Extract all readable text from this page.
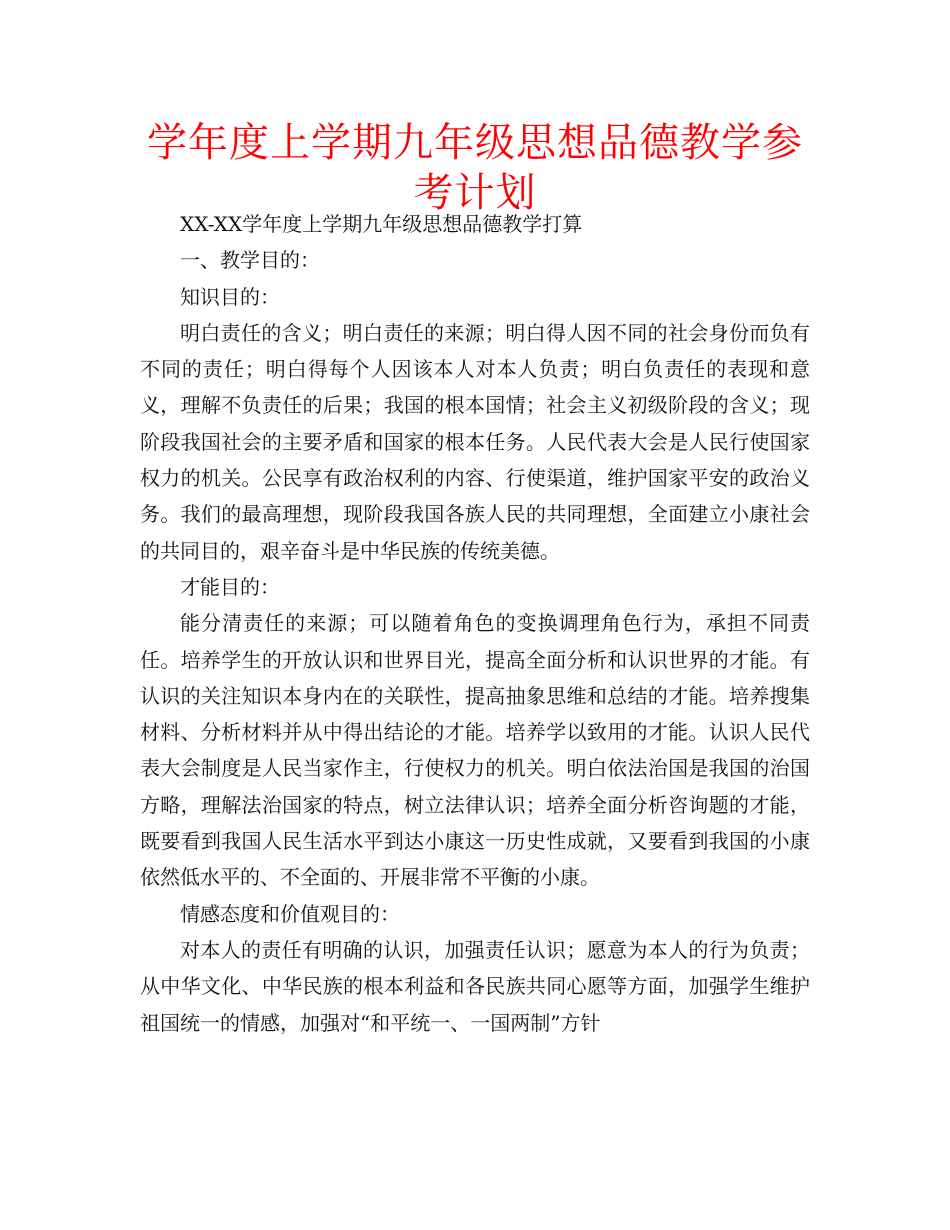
学年度上学期九年级思想品德教学参考计划

XX-XX学年度上学期九年级思想品德教学打算

一、教学目的：

知识目的：

明白责任的含义；明白责任的来源；明白得人因不同的社会身份而负有不同的责任；明白得每个人因该本人对本人负责；明白负责任的表现和意义，理解不负责任的后果；我国的根本国情；社会主义初级阶段的含义；现阶段我国社会的主要矛盾和国家的根本任务。人民代表大会是人民行使国家权力的机关。公民享有政治权利的内容、行使渠道，维护国家平安的政治义务。我们的最高理想，现阶段我国各族人民的共同理想，全面建立小康社会的共同目的，艰辛奋斗是中华民族的传统美德。

才能目的：

能分清责任的来源；可以随着角色的变换调理角色行为，承担不同责任。培养学生的开放认识和世界目光，提高全面分析和认识世界的才能。有认识的关注知识本身内在的关联性，提高抽象思维和总结的才能。培养搜集材料、分析材料并从中得出结论的才能。培养学以致用的才能。认识人民代表大会制度是人民当家作主，行使权力的机关。明白依法治国是我国的治国方略，理解法治国家的特点，树立法律认识；培养全面分析咨询题的才能，既要看到我国人民生活水平到达小康这一历史性成就，又要看到我国的小康依然低水平的、不全面的、开展非常不平衡的小康。

情感态度和价值观目的：

对本人的责任有明确的认识，加强责任认识；愿意为本人的行为负责；从中华文化、中华民族的根本利益和各民族共同心愿等方面，加强学生维护祖国统一的情感，加强对“和平统一、一国两制”方针
